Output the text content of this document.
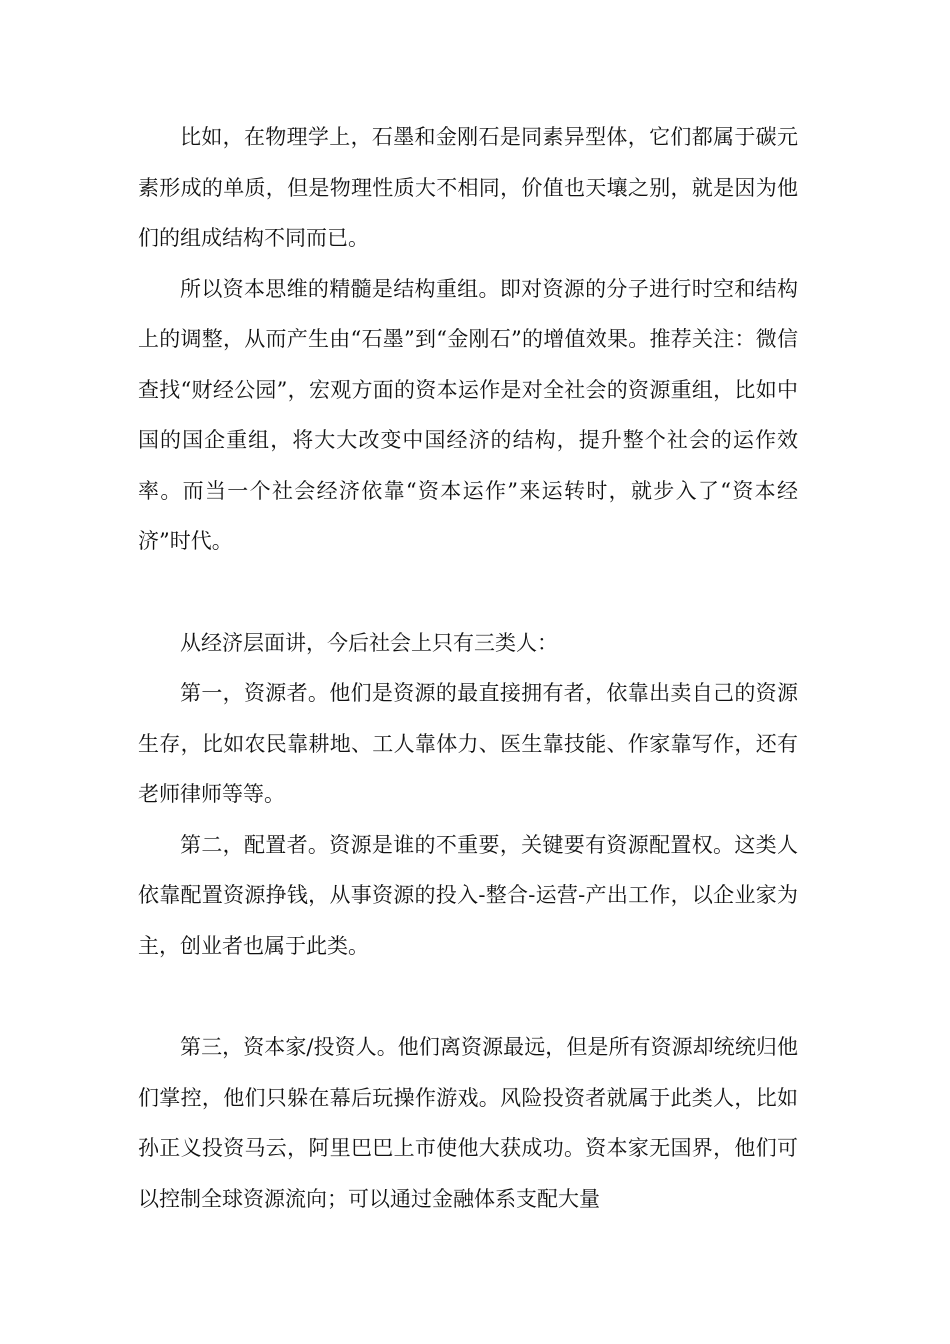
比如，在物理学上，石墨和金刚石是同素异型体，它们都属于碳元素形成的单质，但是物理性质大不相同，价值也天壤之别，就是因为他们的组成结构不同而已。

所以资本思维的精髓是结构重组。即对资源的分子进行时空和结构上的调整，从而产生由“石墨”到“金刚石”的增值效果。推荐关注：微信查找“财经公园”，宏观方面的资本运作是对全社会的资源重组，比如中国的国企重组，将大大改变中国经济的结构，提升整个社会的运作效率。而当一个社会经济依靠“资本运作”来运转时，就步入了“资本经济”时代。

从经济层面讲，今后社会上只有三类人：

第一，资源者。他们是资源的最直接拥有者，依靠出卖自己的资源生存，比如农民靠耕地、工人靠体力、医生靠技能、作家靠写作，还有老师律师等等。

第二，配置者。资源是谁的不重要，关键要有资源配置权。这类人依靠配置资源挣钱，从事资源的投入-整合-运营-产出工作，以企业家为主，创业者也属于此类。

第三，资本家/投资人。他们离资源最远，但是所有资源却统统归他们掌控，他们只躲在幕后玩操作游戏。风险投资者就属于此类人，比如孙正义投资马云，阿里巴巴上市使他大获成功。资本家无国界，他们可以控制全球资源流向；可以通过金融体系支配大量
